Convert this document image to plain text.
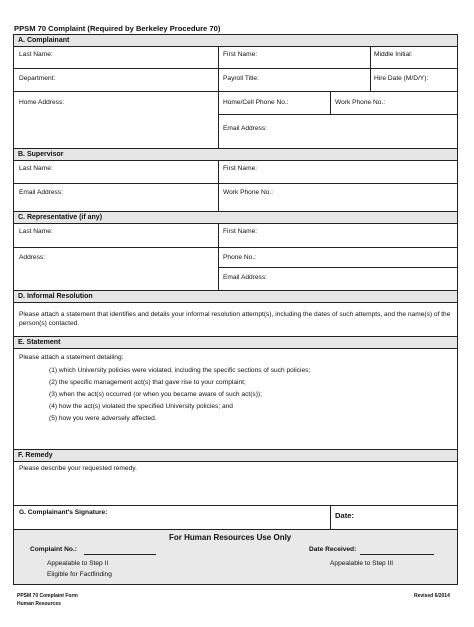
PPSM 70 Complaint (Required by Berkeley Procedure 70)
A. Complainant
Last Name:	First Name:	Middle Initial:
Department:	Payroll Title:	Hire Date (M/D/Y):
Home Address:	Home/Cell Phone No.:	Work Phone No.:
Email Address:
B. Supervisor
Last Name:	First Name:
Email Address:	Work Phone No.:
C. Representative (if any)
Last Name:	First Name:
Address:	Phone No.:
Email Address:
D. Informal Resolution
Please attach a statement that identifies and details your informal resolution attempt(s), including the dates of such attempts, and the name(s) of the person(s) contacted.
E. Statement
Please attach a statement detailing:
(1) which University policies were violated, including the specific sections of such policies;
(2) the specific management act(s) that gave rise to your complaint;
(3) when the act(s) occurred (or when you became aware of such act(s));
(4) how the act(s) violated the specified University policies; and
(5) how you were adversely affected.
F. Remedy
Please describe your requested remedy.
G. Complainant's Signature:	Date:
For Human Resources Use Only
Complaint No.:	Date Received:
Appealable to Step II
Eligible for Factfinding
Appealable to Step III
PPSM 70 Complaint Form
Human Resources
Revised 6/2014
